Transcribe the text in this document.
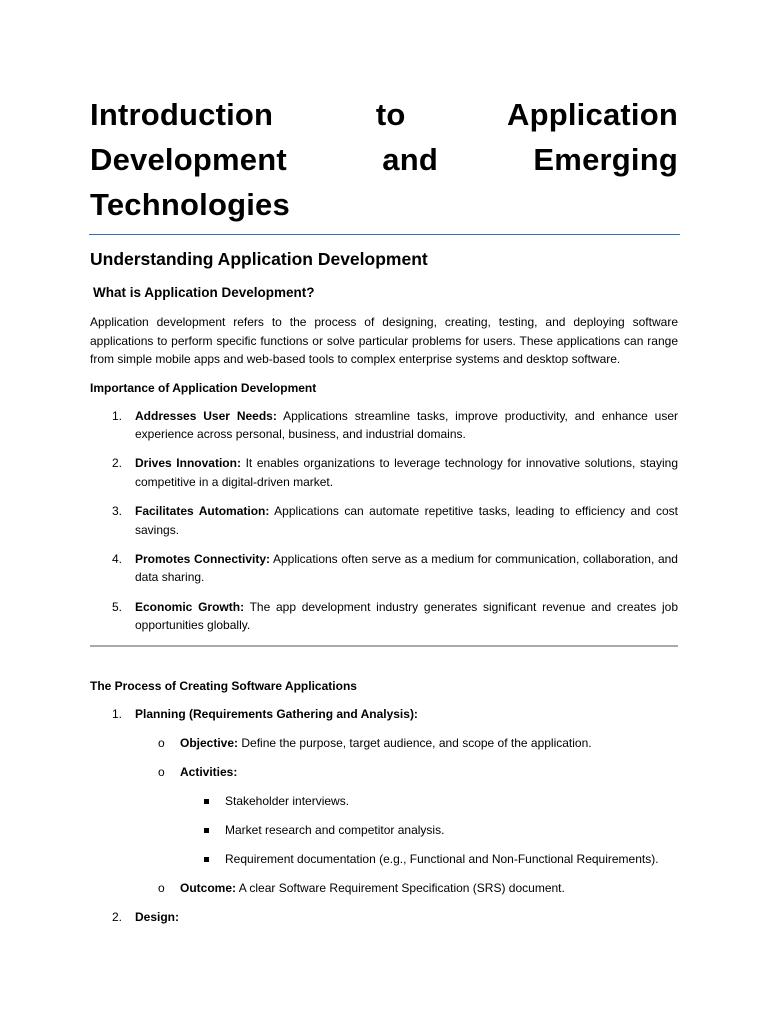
Introduction to Application Development and Emerging Technologies
Understanding Application Development
What is Application Development?

Application development refers to the process of designing, creating, testing, and deploying software applications to perform specific functions or solve particular problems for users. These applications can range from simple mobile apps and web-based tools to complex enterprise systems and desktop software.

Importance of Application Development
1. Addresses User Needs: Applications streamline tasks, improve productivity, and enhance user experience across personal, business, and industrial domains.
2. Drives Innovation: It enables organizations to leverage technology for innovative solutions, staying competitive in a digital-driven market.
3. Facilitates Automation: Applications can automate repetitive tasks, leading to efficiency and cost savings.
4. Promotes Connectivity: Applications often serve as a medium for communication, collaboration, and data sharing.
5. Economic Growth: The app development industry generates significant revenue and creates job opportunities globally.
The Process of Creating Software Applications
1. Planning (Requirements Gathering and Analysis):
o Objective: Define the purpose, target audience, and scope of the application.
o Activities:
Stakeholder interviews.
Market research and competitor analysis.
Requirement documentation (e.g., Functional and Non-Functional Requirements).
o Outcome: A clear Software Requirement Specification (SRS) document.
2. Design:
